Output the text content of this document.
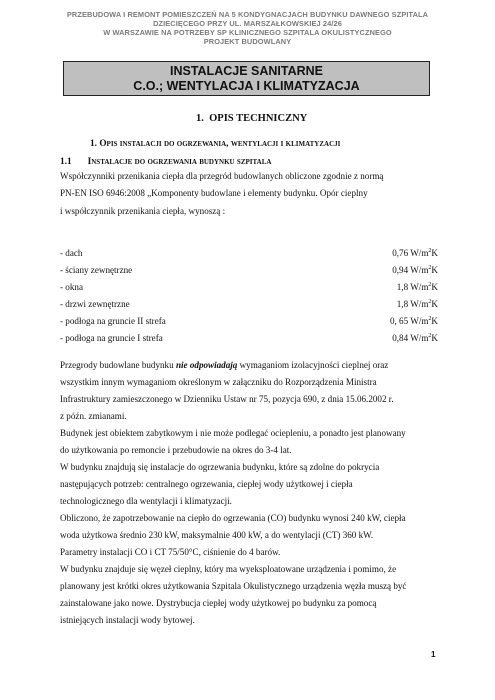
PRZEBUDOWA I REMONT POMIESZCZEŃ NA 5 KONDYGNACJACH BUDYNKU DAWNEGO SZPITALA
DZIECIĘCEGO PRZY UL. MARSZAŁKOWSKIEJ 24/26
W WARSZAWIE NA POTRZEBY SP KLINICZNEGO SZPITALA OKULISTYCZNEGO
PROJEKT BUDOWLANY
INSTALACJE SANITARNE
C.O.; WENTYLACJA I KLIMATYZACJA
1. OPIS TECHNICZNY
1. Opis instalacji do ogrzewania, wentylacji i klimatyzacji
1.1 Instalacje do ogrzewania budynku szpitala

Współczynniki przenikania ciepła dla przegród budowlanych obliczone zgodnie z normą

PN-EN ISO 6946:2008 „Komponenty budowlane i elementy budynku. Opór cieplny

i współczynnik przenikania ciepła, wynoszą :

- dach	0,76 $W/m^2K$
- ściany zewnętrzne	0,94 $W/m^2K$
- okna	1,8 $W/m^2K$
- drzwi zewnętrzne	1,8 $W/m^2K$
- podłoga na gruncie II strefa	0, 65 $W/m^2K$
- podłoga na gruncie I strefa	0,84 $W/m^2K$

Przegrody budowlane budynku nie odpowiadają wymaganiom izolacyjności cieplnej oraz

wszystkim innym wymaganiom określonym w załączniku do Rozporządzenia Ministra

Infrastruktury zamieszczonego w Dzienniku Ustaw nr 75, pozycja 690, z dnia 15.06.2002 r.

z późn. zmianami.

Budynek jest obiektem zabytkowym i nie może podlegać ociepleniu, a ponadto jest planowany

do użytkowania po remoncie i przebudowie na okres do 3-4 lat.

W budynku znajdują się instalacje do ogrzewania budynku, które są zdolne do pokrycia

następujących potrzeb: centralnego ogrzewania, ciepłej wody użytkowej i ciepła

technologicznego dla wentylacji i klimatyzacji.

Obliczono, że zapotrzebowanie na ciepło do ogrzewania (CO) budynku wynosi 240 kW, ciepła

woda użytkowa średnio 230 kW, maksymalnie 400 kW, a do wentylacji (CT) 360 kW.

Parametry instalacji CO i CT 75/50°C, ciśnienie do 4 barów.

W budynku znajduje się węzeł cieplny, który ma wyeksploatowane urządzenia i pomimo, że

planowany jest krótki okres użytkowania Szpitala Okulistycznego urządzenia węzła muszą być

zainstalowane jako nowe. Dystrybucja ciepłej wody użytkowej po budynku za pomocą

istniejących instalacji wody bytowej.

1
